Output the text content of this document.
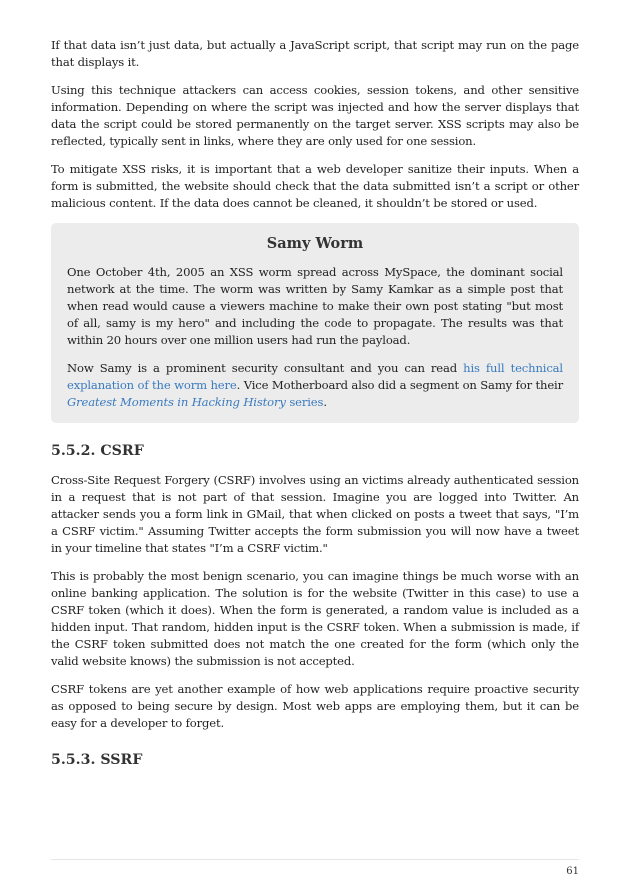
If that data isn’t just data, but actually a JavaScript script, that script may run on the page that displays it.

Using this technique attackers can access cookies, session tokens, and other sensitive information. Depending on where the script was injected and how the server displays that data the script could be stored permanently on the target server. XSS scripts may also be reflected, typically sent in links, where they are only used for one session.

To mitigate XSS risks, it is important that a web developer sanitize their inputs. When a form is submitted, the website should check that the data submitted isn’t a script or other malicious content. If the data does cannot be cleaned, it shouldn’t be stored or used.

Samy Worm

One October 4th, 2005 an XSS worm spread across MySpace, the dominant social network at the time. The worm was written by Samy Kamkar as a simple post that when read would cause a viewers machine to make their own post stating "but most of all, samy is my hero" and including the code to propagate. The results was that within 20 hours over one million users had run the payload.

Now Samy is a prominent security consultant and you can read his full technical explanation of the worm here. Vice Motherboard also did a segment on Samy for their Greatest Moments in Hacking History series.

5.5.2. CSRF

Cross-Site Request Forgery (CSRF) involves using an victims already authenticated session in a request that is not part of that session. Imagine you are logged into Twitter. An attacker sends you a form link in GMail, that when clicked on posts a tweet that says, "I’m a CSRF victim." Assuming Twitter accepts the form submission you will now have a tweet in your timeline that states "I’m a CSRF victim."

This is probably the most benign scenario, you can imagine things be much worse with an online banking application. The solution is for the website (Twitter in this case) to use a CSRF token (which it does). When the form is generated, a random value is included as a hidden input. That random, hidden input is the CSRF token. When a submission is made, if the CSRF token submitted does not match the one created for the form (which only the valid website knows) the submission is not accepted.

CSRF tokens are yet another example of how web applications require proactive security as opposed to being secure by design. Most web apps are employing them, but it can be easy for a developer to forget.

5.5.3. SSRF
61
